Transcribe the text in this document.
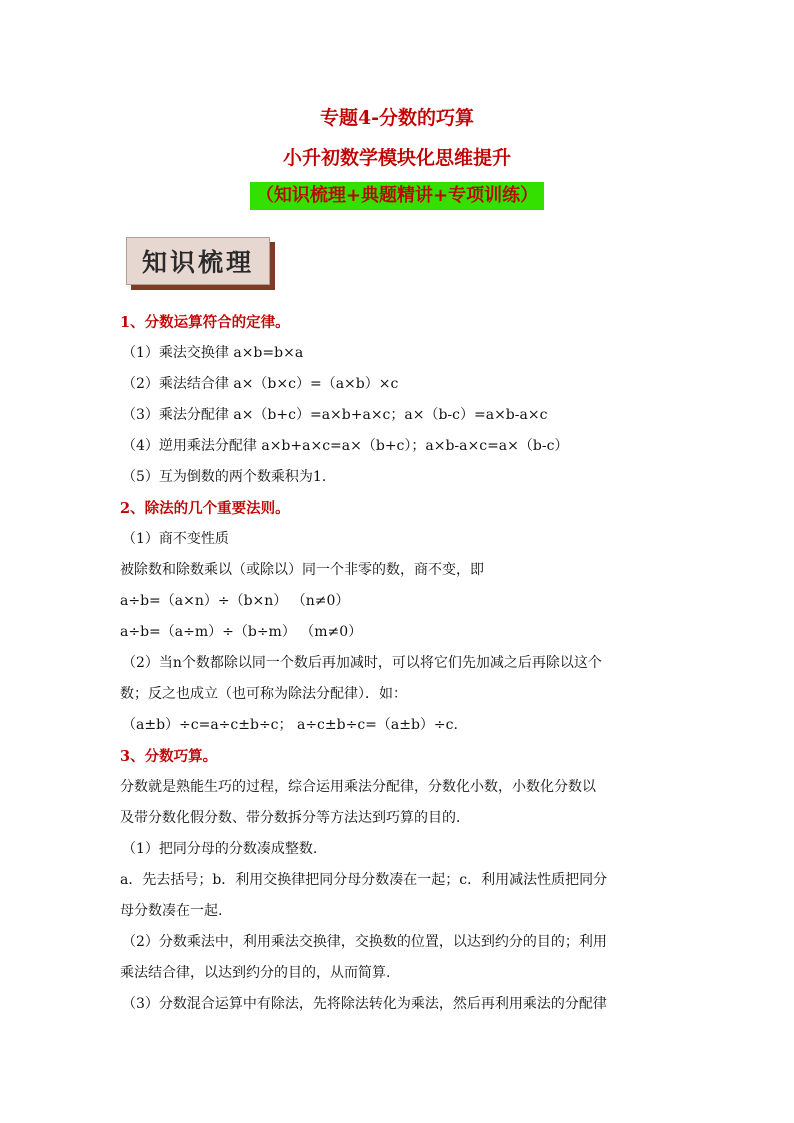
专题4-分数的巧算
小升初数学模块化思维提升
（知识梳理+典题精讲+专项训练）
知识梳理
1、分数运算符合的定律。
（1）乘法交换律 a×b=b×a
（2）乘法结合律 a×（b×c）=（a×b）×c
（3）乘法分配律 a×（b+c）=a×b+a×c；a×（b-c）=a×b-a×c
（4）逆用乘法分配律 a×b+a×c=a×（b+c）；a×b-a×c=a×（b-c）
（5）互为倒数的两个数乘积为1.
2、除法的几个重要法则。
（1）商不变性质
被除数和除数乘以（或除以）同一个非零的数，商不变，即
a÷b=（a×n）÷（b×n） （n≠0）
a÷b=（a÷m）÷（b÷m） （m≠0）
（2）当n个数都除以同一个数后再加减时，可以将它们先加减之后再除以这个
数；反之也成立（也可称为除法分配律）．如：
（a±b）÷c=a÷c±b÷c； a÷c±b÷c=（a±b）÷c.
3、分数巧算。
分数就是熟能生巧的过程，综合运用乘法分配律，分数化小数，小数化分数以
及带分数化假分数、带分数拆分等方法达到巧算的目的．
（1）把同分母的分数凑成整数.
a．先去括号；b．利用交换律把同分母分数凑在一起；c．利用减法性质把同分
母分数凑在一起.
（2）分数乘法中，利用乘法交换律，交换数的位置，以达到约分的目的；利用
乘法结合律，以达到约分的目的，从而简算.
（3）分数混合运算中有除法，先将除法转化为乘法，然后再利用乘法的分配律
